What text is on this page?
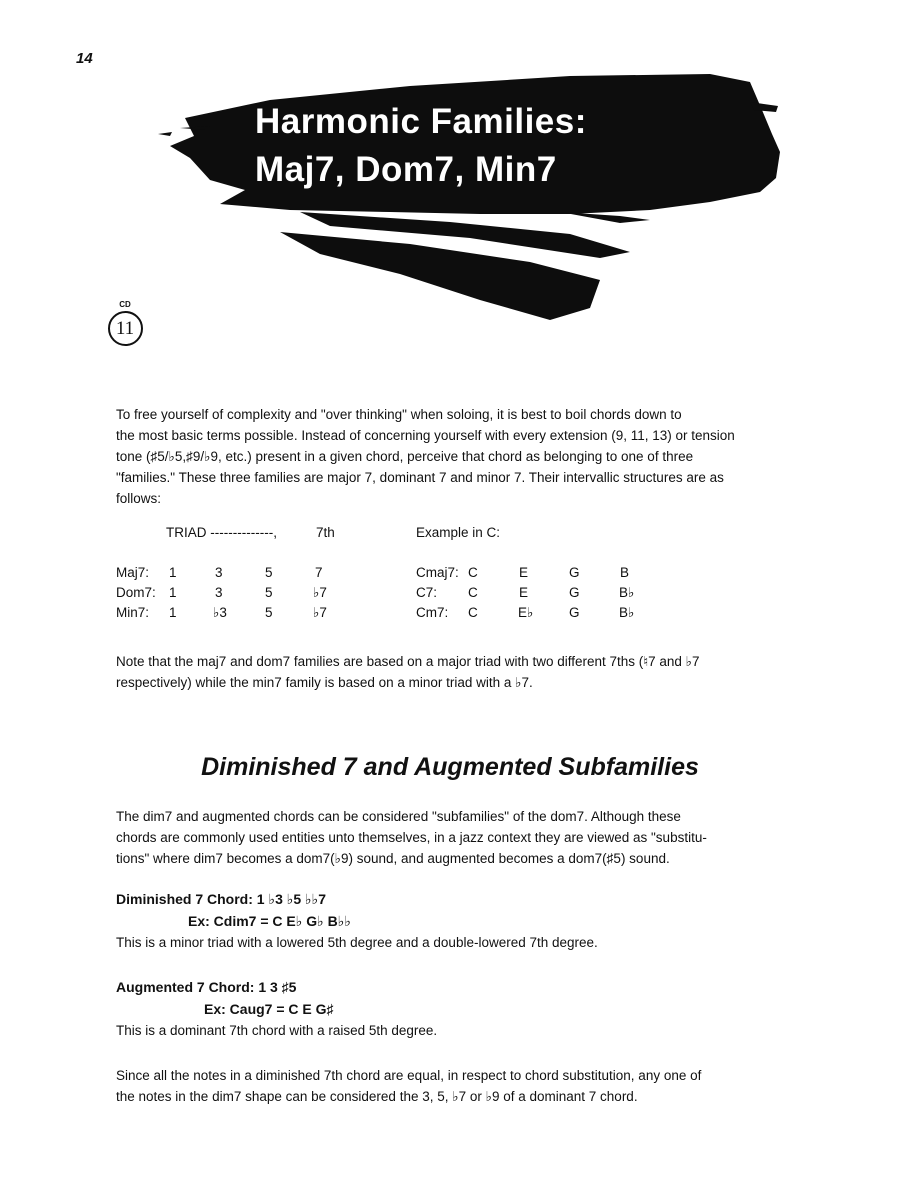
14
Harmonic Families:
Maj7, Dom7, Min7
CD
11
To free yourself of complexity and "over thinking" when soloing, it is best to boil chords down to
the most basic terms possible. Instead of concerning yourself with every extension (9, 11, 13) or tension
tone (♯5/♭5,♯9/♭9, etc.) present in a given chord, perceive that chord as belonging to one of three
"families." These three families are major 7, dominant 7 and minor 7. Their intervallic structures are as
follows:
TRIAD --------------,	7th	Example in C:
Maj7: 1	3	5	7	Cmaj7: C	E	G	B
Dom7: 1	3	5	♭7	C7: C	E	G	B♭
Min7: 1	♭3	5	♭7	Cm7: C	E♭	G	B♭
Note that the maj7 and dom7 families are based on a major triad with two different 7ths (♮7 and ♭7
respectively) while the min7 family is based on a minor triad with a ♭7.
Diminished 7 and Augmented Subfamilies
The dim7 and augmented chords can be considered "subfamilies" of the dom7. Although these
chords are commonly used entities unto themselves, in a jazz context they are viewed as "substitu-
tions" where dim7 becomes a dom7(♭9) sound, and augmented becomes a dom7(♯5) sound.
Diminished 7 Chord: 1 ♭3 ♭5 ♭♭7
Ex: Cdim7 = C E♭ G♭ B♭♭
This is a minor triad with a lowered 5th degree and a double-lowered 7th degree.
Augmented 7 Chord: 1 3 ♯5
Ex: Caug7 = C E G♯
This is a dominant 7th chord with a raised 5th degree.
Since all the notes in a diminished 7th chord are equal, in respect to chord substitution, any one of
the notes in the dim7 shape can be considered the 3, 5, ♭7 or ♭9 of a dominant 7 chord.
